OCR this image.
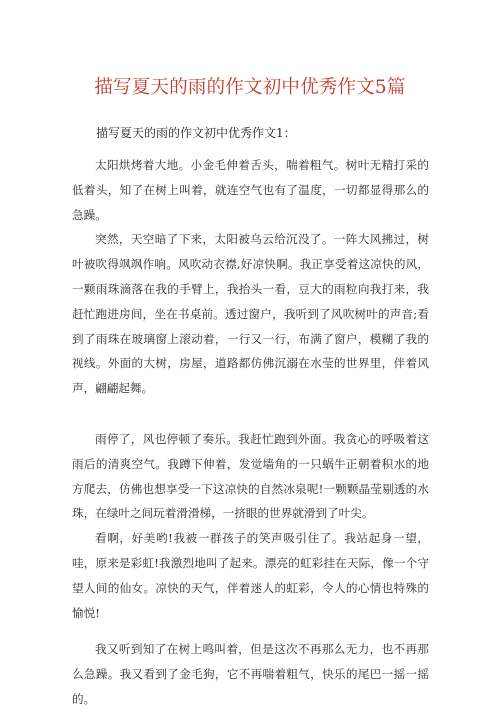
描写夏天的雨的作文初中优秀作文5篇

描写夏天的雨的作文初中优秀作文1：

太阳烘烤着大地。小金毛伸着舌头，喘着粗气。树叶无精打采的低着头，知了在树上叫着，就连空气也有了温度，一切都显得那么的急躁。

突然，天空暗了下来，太阳被乌云给沉没了。一阵大风拂过，树叶被吹得飒飒作响。风吹动衣襟,好凉快啊。我正享受着这凉快的风，一颗雨珠滴落在我的手臂上，我抬头一看，豆大的雨粒向我打来，我赶忙跑进房间，坐在书桌前。透过窗户，我听到了风吹树叶的声音;看到了雨珠在玻璃窗上滚动着，一行又一行，布满了窗户，模糊了我的视线。外面的大树，房屋，道路都仿佛沉溺在水莹的世界里，伴着风声，翩翩起舞。

雨停了，风也停顿了奏乐。我赶忙跑到外面。我贪心的呼吸着这雨后的清爽空气。我蹲下伸着，发觉墙角的一只蜗牛正朝着积水的地方爬去，仿佛也想享受一下这凉快的自然冰泉呢!一颗颗晶莹剔透的水珠，在绿叶之间玩着滑滑梯，一挤眼的世界就滑到了叶尖。

看啊，好美哟!我被一群孩子的笑声吸引住了。我站起身一望，哇，原来是彩虹!我激烈地叫了起来。漂亮的虹彩挂在天际，像一个守望人间的仙女。凉快的天气，伴着迷人的虹彩，令人的心情也特殊的愉悦!

我又听到知了在树上鸣叫着，但是这次不再那么无力，也不再那么急躁。我又看到了金毛狗，它不再喘着粗气，快乐的尾巴一摇一摇的。
